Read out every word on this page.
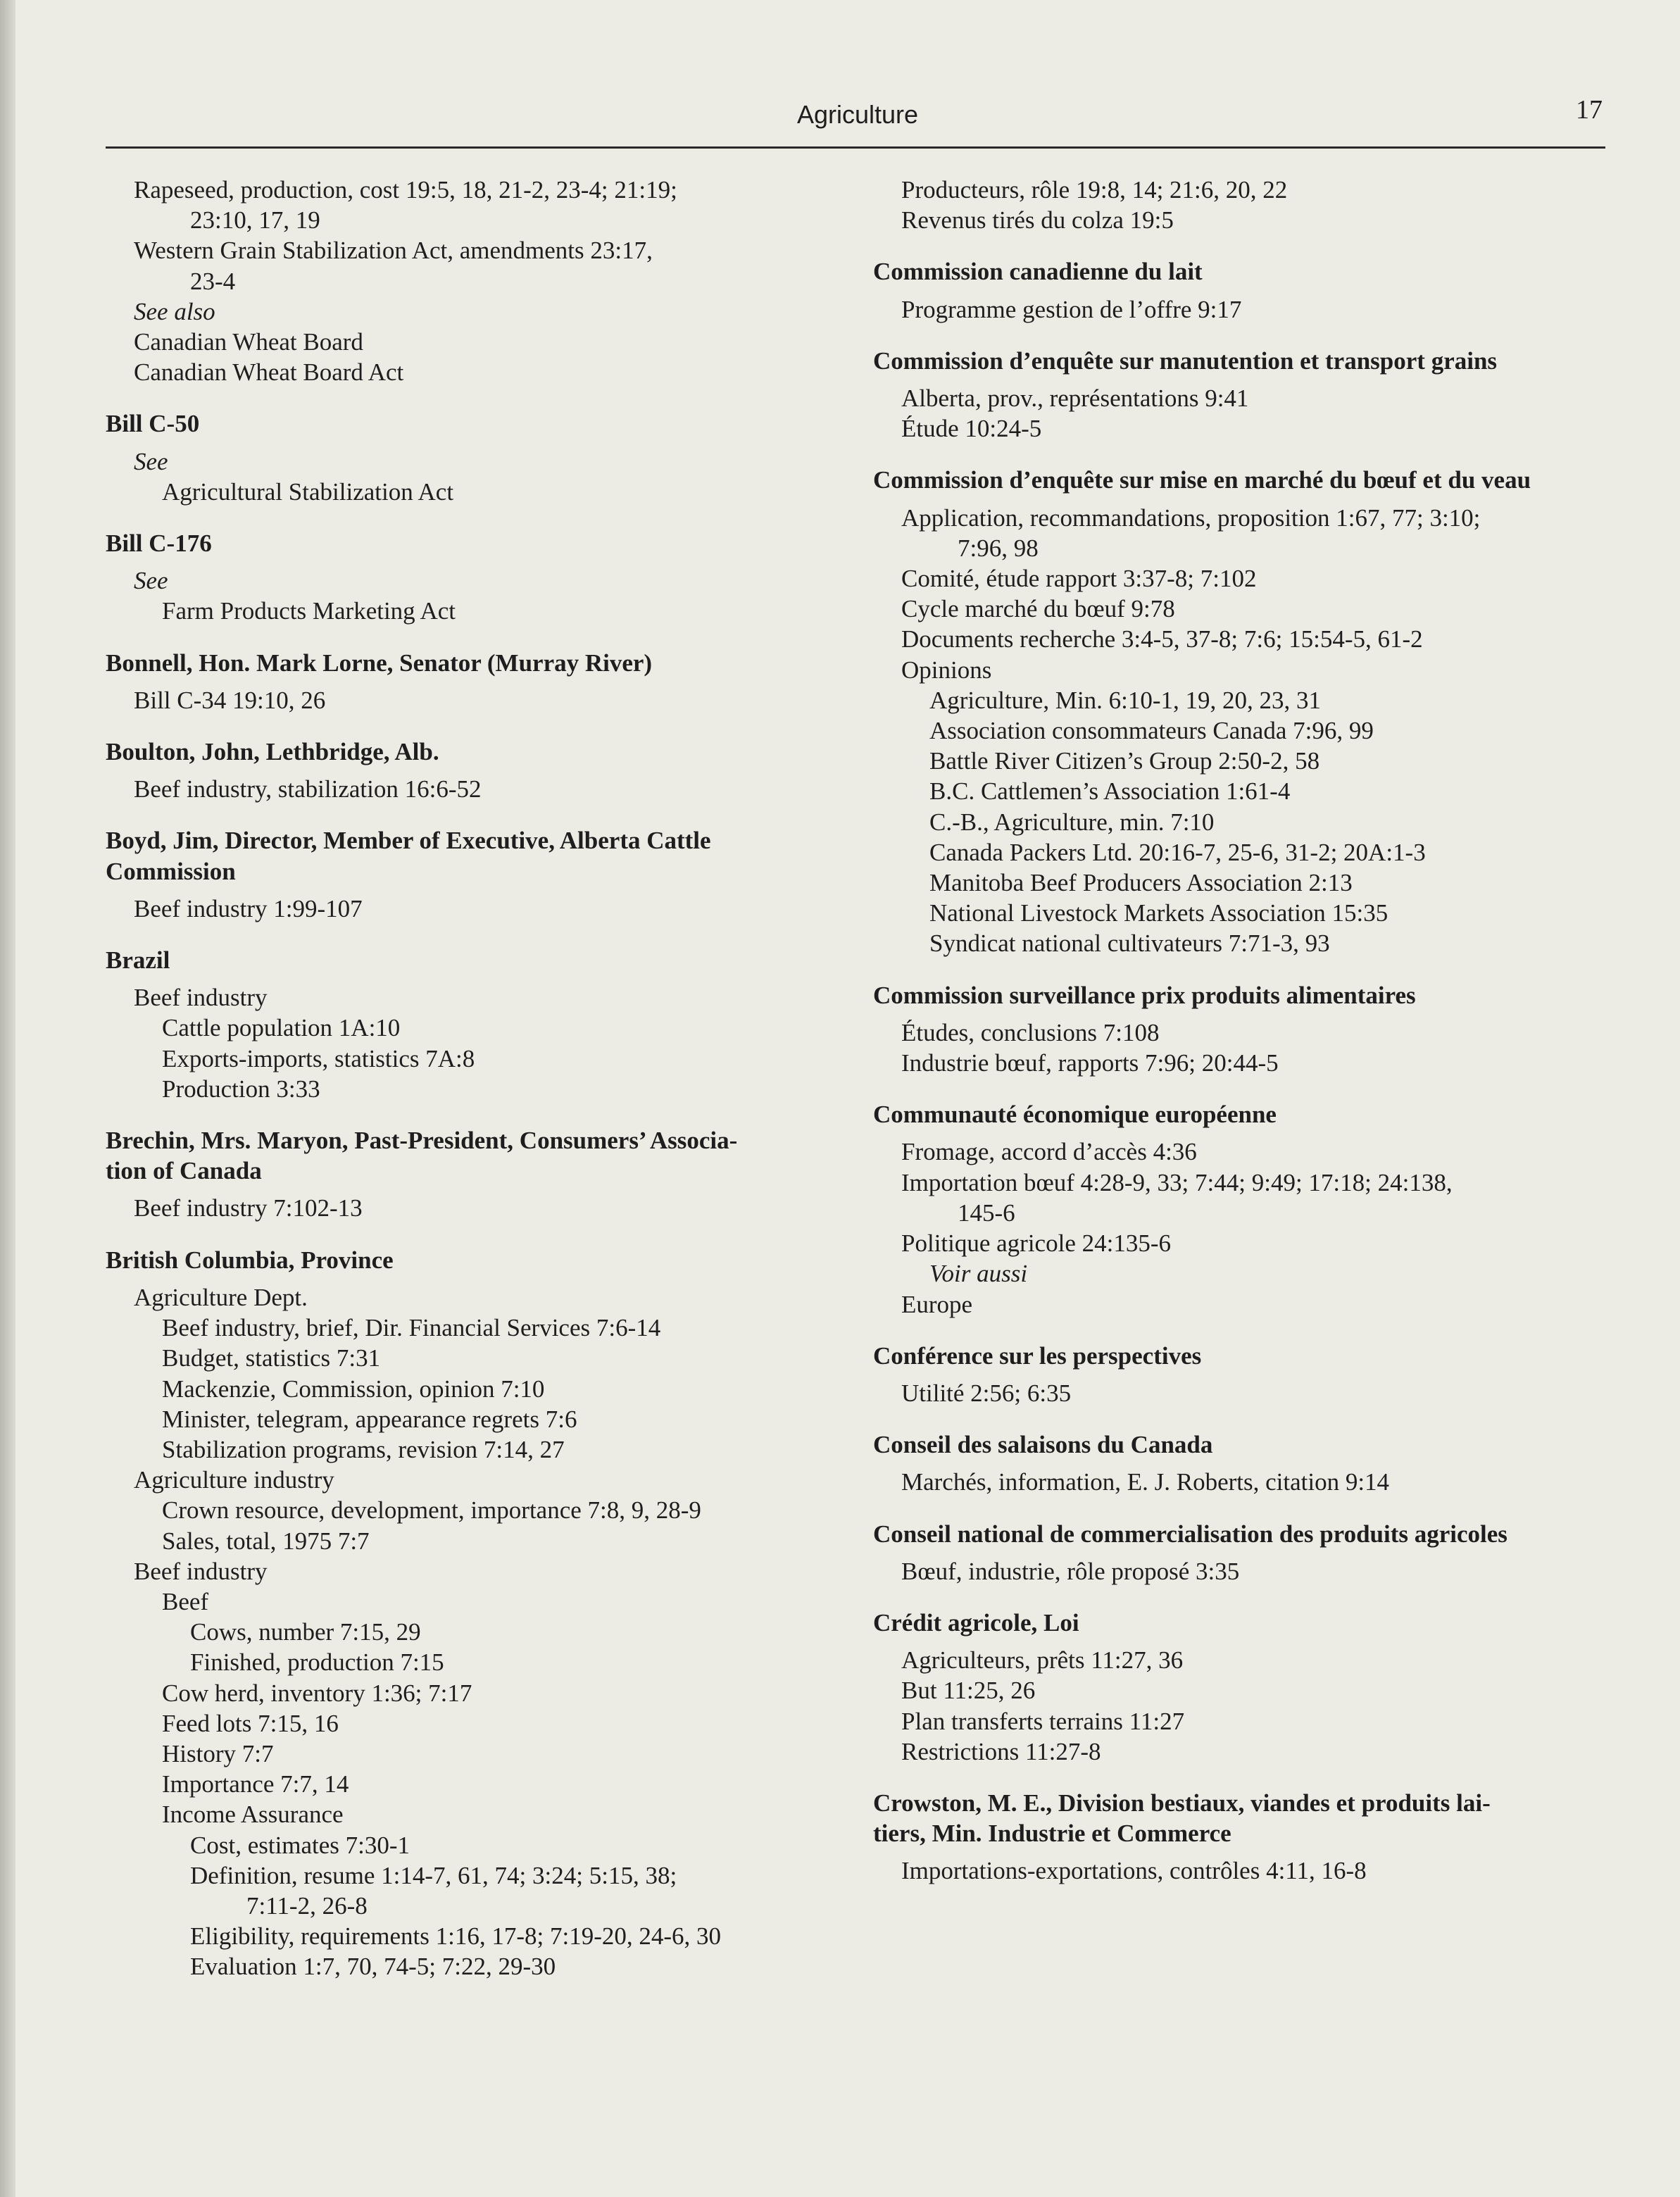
Agriculture	17
Rapeseed, production, cost 19:5, 18, 21-2, 23-4; 21:19;
23:10, 17, 19
Western Grain Stabilization Act, amendments 23:17,
23-4
See also
Canadian Wheat Board
Canadian Wheat Board Act
Bill C-50
See
Agricultural Stabilization Act
Bill C-176
See
Farm Products Marketing Act
Bonnell, Hon. Mark Lorne, Senator (Murray River)
Bill C-34 19:10, 26
Boulton, John, Lethbridge, Alb.
Beef industry, stabilization 16:6-52
Boyd, Jim, Director, Member of Executive, Alberta Cattle
Commission
Beef industry 1:99-107
Brazil
Beef industry
Cattle population 1A:10
Exports-imports, statistics 7A:8
Production 3:33
Brechin, Mrs. Maryon, Past-President, Consumers’ Associa-
tion of Canada
Beef industry 7:102-13
British Columbia, Province
Agriculture Dept.
Beef industry, brief, Dir. Financial Services 7:6-14
Budget, statistics 7:31
Mackenzie, Commission, opinion 7:10
Minister, telegram, appearance regrets 7:6
Stabilization programs, revision 7:14, 27
Agriculture industry
Crown resource, development, importance 7:8, 9, 28-9
Sales, total, 1975 7:7
Beef industry
Beef
Cows, number 7:15, 29
Finished, production 7:15
Cow herd, inventory 1:36; 7:17
Feed lots 7:15, 16
History 7:7
Importance 7:7, 14
Income Assurance
Cost, estimates 7:30-1
Definition, resume 1:14-7, 61, 74; 3:24; 5:15, 38;
7:11-2, 26-8
Eligibility, requirements 1:16, 17-8; 7:19-20, 24-6, 30
Evaluation 1:7, 70, 74-5; 7:22, 29-30
Producteurs, rôle 19:8, 14; 21:6, 20, 22
Revenus tirés du colza 19:5
Commission canadienne du lait
Programme gestion de l’offre 9:17
Commission d’enquête sur manutention et transport grains
Alberta, prov., représentations 9:41
Étude 10:24-5
Commission d’enquête sur mise en marché du bœuf et du veau
Application, recommandations, proposition 1:67, 77; 3:10;
7:96, 98
Comité, étude rapport 3:37-8; 7:102
Cycle marché du bœuf 9:78
Documents recherche 3:4-5, 37-8; 7:6; 15:54-5, 61-2
Opinions
Agriculture, Min. 6:10-1, 19, 20, 23, 31
Association consommateurs Canada 7:96, 99
Battle River Citizen’s Group 2:50-2, 58
B.C. Cattlemen’s Association 1:61-4
C.-B., Agriculture, min. 7:10
Canada Packers Ltd. 20:16-7, 25-6, 31-2; 20A:1-3
Manitoba Beef Producers Association 2:13
National Livestock Markets Association 15:35
Syndicat national cultivateurs 7:71-3, 93
Commission surveillance prix produits alimentaires
Études, conclusions 7:108
Industrie bœuf, rapports 7:96; 20:44-5
Communauté économique européenne
Fromage, accord d’accès 4:36
Importation bœuf 4:28-9, 33; 7:44; 9:49; 17:18; 24:138,
145-6
Politique agricole 24:135-6
Voir aussi
Europe
Conférence sur les perspectives
Utilité 2:56; 6:35
Conseil des salaisons du Canada
Marchés, information, E. J. Roberts, citation 9:14
Conseil national de commercialisation des produits agricoles
Bœuf, industrie, rôle proposé 3:35
Crédit agricole, Loi
Agriculteurs, prêts 11:27, 36
But 11:25, 26
Plan transferts terrains 11:27
Restrictions 11:27-8
Crowston, M. E., Division bestiaux, viandes et produits lai-
tiers, Min. Industrie et Commerce
Importations-exportations, contrôles 4:11, 16-8
